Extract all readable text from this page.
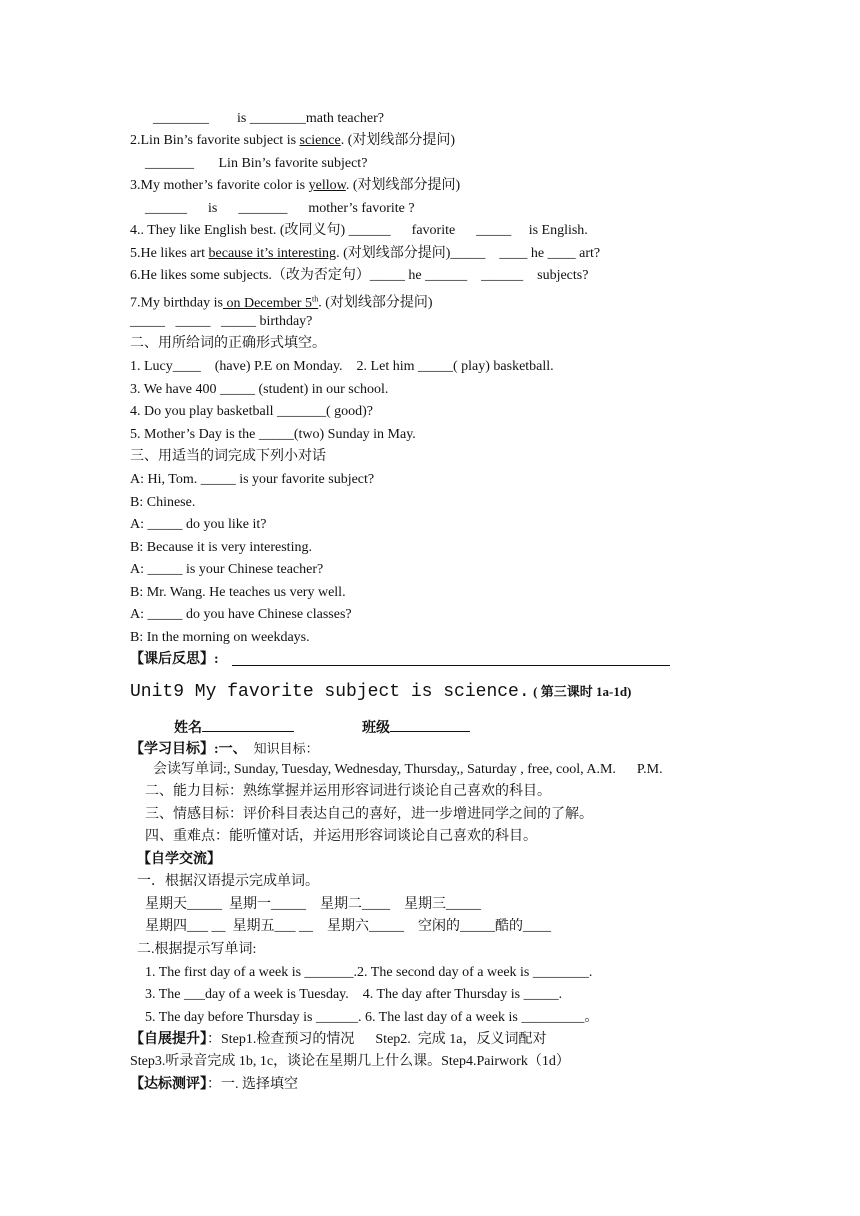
________        is ________math teacher?
2.Lin Bin’s favorite subject is science. (对划线部分提问)
_______       Lin Bin’s favorite subject?
3.My mother’s favorite color is yellow. (对划线部分提问)
______      is      _______      mother’s favorite ?
4.. They like English best. (改同义句) ______      favorite      _____     is English.
5.He likes art because it’s interesting. (对划线部分提问)_____    ____ he ____ art?
6.He likes some subjects.（改为否定句）_____ he ______    ______    subjects?
7.My birthday is on December 5th. (对划线部分提问)
_____   _____   _____ birthday?
二、用所给词的正确形式填空。
1. Lucy____    (have) P.E on Monday.    2. Let him _____( play) basketball.
3. We have 400 _____ (student) in our school.
4. Do you play basketball _______( good)?
5. Mother’s Day is the _____(two) Sunday in May.
三、用适当的词完成下列小对话
A: Hi, Tom. _____ is your favorite subject?
B: Chinese.
A: _____ do you like it?
B: Because it is very interesting.
A: _____ is your Chinese teacher?
B: Mr. Wang. He teaches us very well.
A: _____ do you have Chinese classes?
B: In the morning on weekdays.
【课后反思】:
Unit9 My favorite subject is science. ( 第三课时 1a-1d)
姓名	班级
【学习目标】:一、 知识目标：
会读写单词:, Sunday, Tuesday, Wednesday, Thursday,, Saturday , free, cool, A.M.      P.M.
二、能力目标：熟练掌握并运用形容词进行谈论自己喜欢的科目。
三、情感目标：评价科目表达自己的喜好，进一步增进同学之间的了解。
四、重难点：能听懂对话，并运用形容词谈论自己喜欢的科目。
【自学交流】
一．根据汉语提示完成单词。
星期天_____  星期一_____    星期二____    星期三_____
星期四___ __  星期五___ __    星期六_____    空闲的_____酷的____
二.根据提示写单词:
1. The first day of a week is _______.2. The second day of a week is ________.
3. The ___day of a week is Tuesday.    4. The day after Thursday is _____.
5. The day before Thursday is ______. 6. The last day of a week is _________。
【自展提升】：Step1.检查预习的情况      Step2.  完成 1a，反义词配对
Step3.听录音完成 1b, 1c，谈论在星期几上什么课。Step4.Pairwork（1d）
【达标测评】：一. 选择填空
